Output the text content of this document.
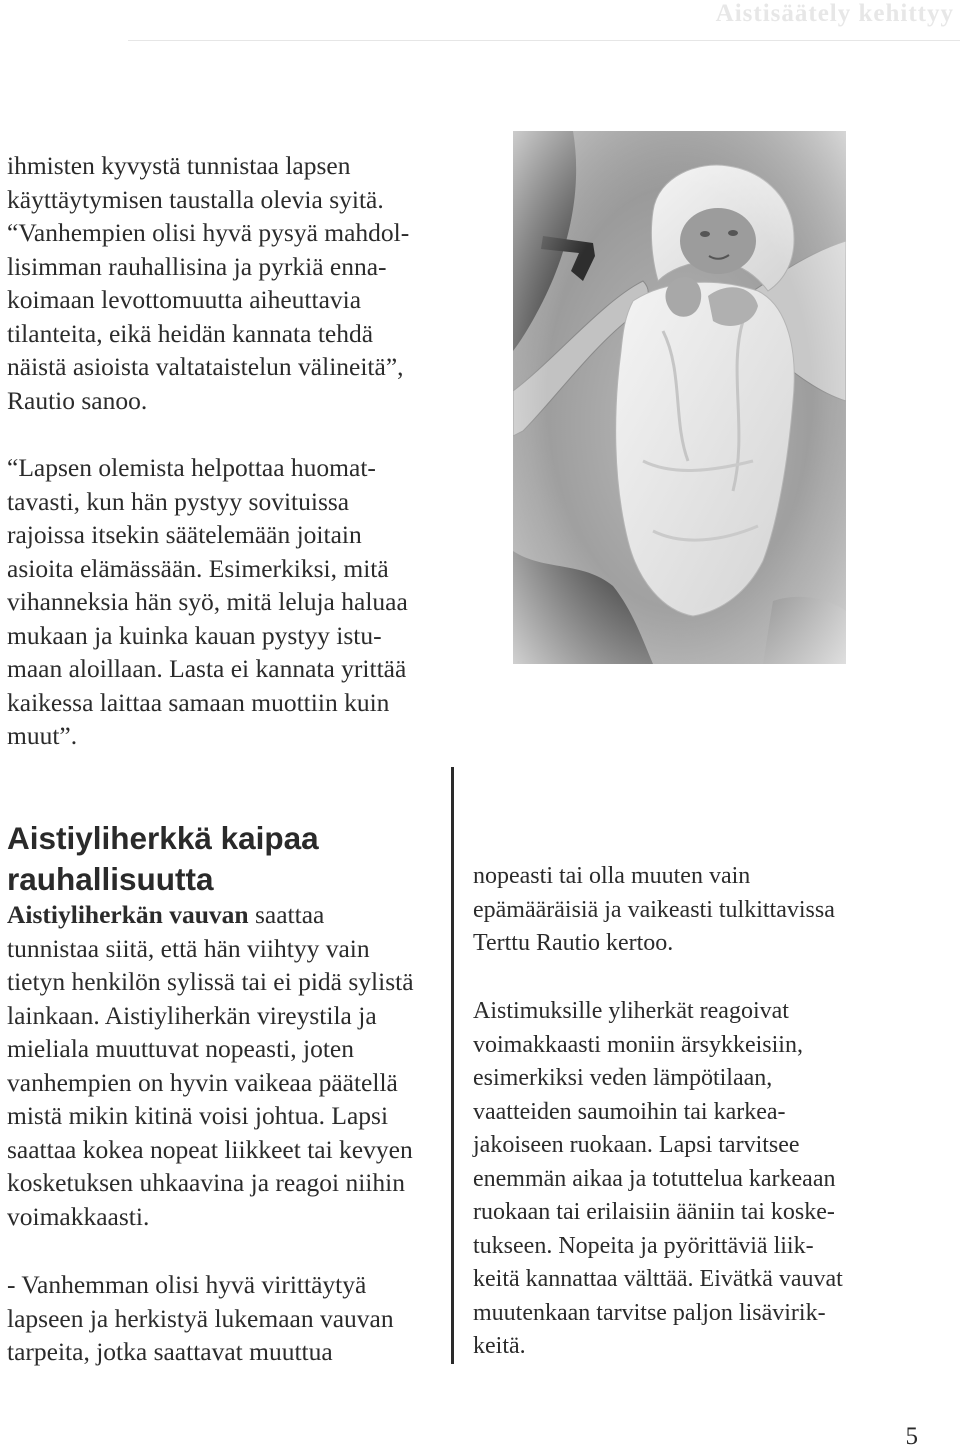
Aistisäätely kehittyy
ihmisten kyvystä tunnistaa lapsen
käyttäytymisen taustalla olevia syitä.
“Vanhempien olisi hyvä pysyä mahdol-
lisimman rauhallisina ja pyrkiä enna-
koimaan levottomuutta aiheuttavia
tilanteita, eikä heidän kannata tehdä
näistä asioista valtataistelun välineitä”,
Rautio sanoo.
“Lapsen olemista helpottaa huomat-
tavasti, kun hän pystyy sovituissa
rajoissa itsekin säätelemään joitain
asioita elämässään. Esimerkiksi, mitä
vihanneksia hän syö, mitä leluja haluaa
mukaan ja kuinka kauan pystyy istu-
maan aloillaan. Lasta ei kannata yrittää
kaikessa laittaa samaan muottiin kuin
muut”.
Aistiyliherkkä kaipaa
rauhallisuutta
Aistiyliherkän vauvan saattaa
tunnistaa siitä, että hän viihtyy vain
tietyn henkilön sylissä tai ei pidä sylistä
lainkaan. Aistiyliherkän vireystila ja
mieliala muuttuvat nopeasti, joten
vanhempien on hyvin vaikeaa päätellä
mistä mikin kitinä voisi johtua. Lapsi
saattaa kokea nopeat liikkeet tai kevyen
kosketuksen uhkaavina ja reagoi niihin
voimakkaasti.
- Vanhemman olisi hyvä virittäytyä
lapseen ja herkistyä lukemaan vauvan
tarpeita, jotka saattavat muuttua
nopeasti tai olla muuten vain
epämääräisiä ja vaikeasti tulkittavissa
Terttu Rautio kertoo.
Aistimuksille yliherkät reagoivat
voimakkaasti moniin ärsykkeisiin,
esimerkiksi veden lämpötilaan,
vaatteiden saumoihin tai karkea-
jakoiseen ruokaan. Lapsi tarvitsee
enemmän aikaa ja totuttelua karkeaan
ruokaan tai erilaisiin ääniin tai koske-
tukseen. Nopeita ja pyörittäviä liik-
keitä kannattaa välttää. Eivätkä vauvat
muutenkaan tarvitse paljon lisävirik-
keitä.
5
